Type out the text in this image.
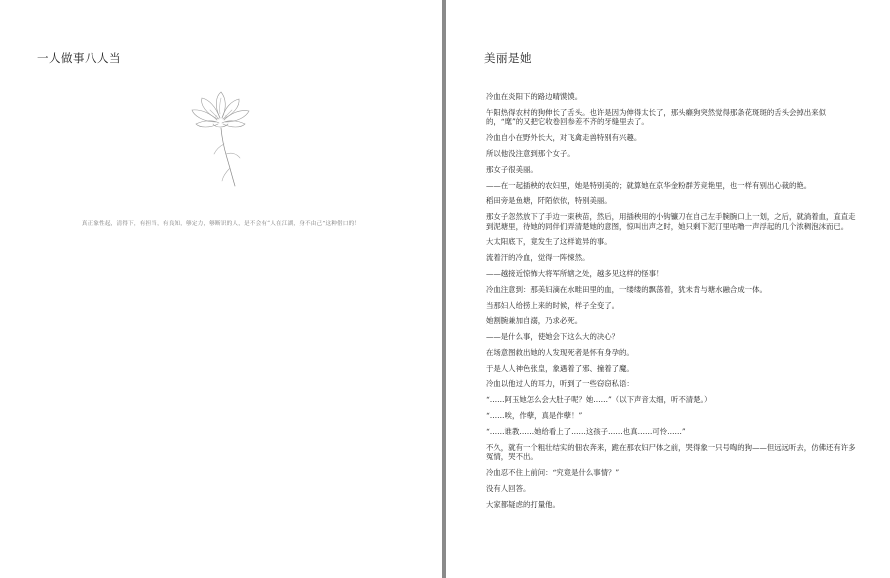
一人做事八人当
真正象性起，清得下，有担当，有良知，够定力，够断识的人，是不会有“人在江湖，身不由己”这种借口的！
美丽是她

冷血在炎阳下的路边晴馍馍。

午阳热得农村的狗伸长了舌头。也许是因为伸得太长了，那头癞狗突然觉得那条花斑斑的舌头会掉出来似的，“麾”的又把它收卷回参差不齐的牙缝里去了。

冷血自小在野外长大，对飞禽走兽特别有兴趣。

所以他没注意到那个女子。

那女子很美丽。

——在一起插秧的农妇里，她是特别美的；就算她在京华金粉群芳竞艳里，也一样有别出心裁的艳。

稻田旁是鱼塘，阡陌依依，特别美丽。

那女子忽然放下了手边一束秧苗，然后，用插秧用的小钩镰刀在自己左手腕腕口上一划，之后，就淌着血，直直走到泥塘里，待她的同伴们弄清楚她的意图，惊叫出声之时，她只剩下泥汀里咕噜一声浮起的几个浓稠泡沫而已。

大太阳底下，竟发生了这样诡异的事。

流着汗的冷血，觉得一阵悚然。

——越接近惊怖大将军所辖之处，越多见这样的怪事！

冷血注意到：那美妇滴在水畦田里的血，一缕缕的飘荡着，犹未肯与塘水融合成一体。

当那妇人给捞上来的时候，样子全变了。

她割腕兼加自溺，乃求必死。

——是什么事，使她会下这么大的决心？

在场意图救出她的人发现死者是怀有身孕的。

于是人人神色张皇，象遇着了邪、撞着了魔。

冷血以他过人的耳力，听到了一些窃窃私语：

“……阿玉她怎么会大肚子呢？她……”（以下声音太细，听不清楚。）

“……唉，作孽，真是作孽！”

“……谁教……她给看上了……这孩子……也真……可怜……”

不久，就有一个粗壮结实的佃农奔来，跪在那农妇尸体之前，哭得象一只号啕的狗——但远远听去，仿佛还有许多冤情，哭不出。

冷血忍不住上前问：“究竟是什么事情？”

没有人回答。

大家都疑虑的打量他。
